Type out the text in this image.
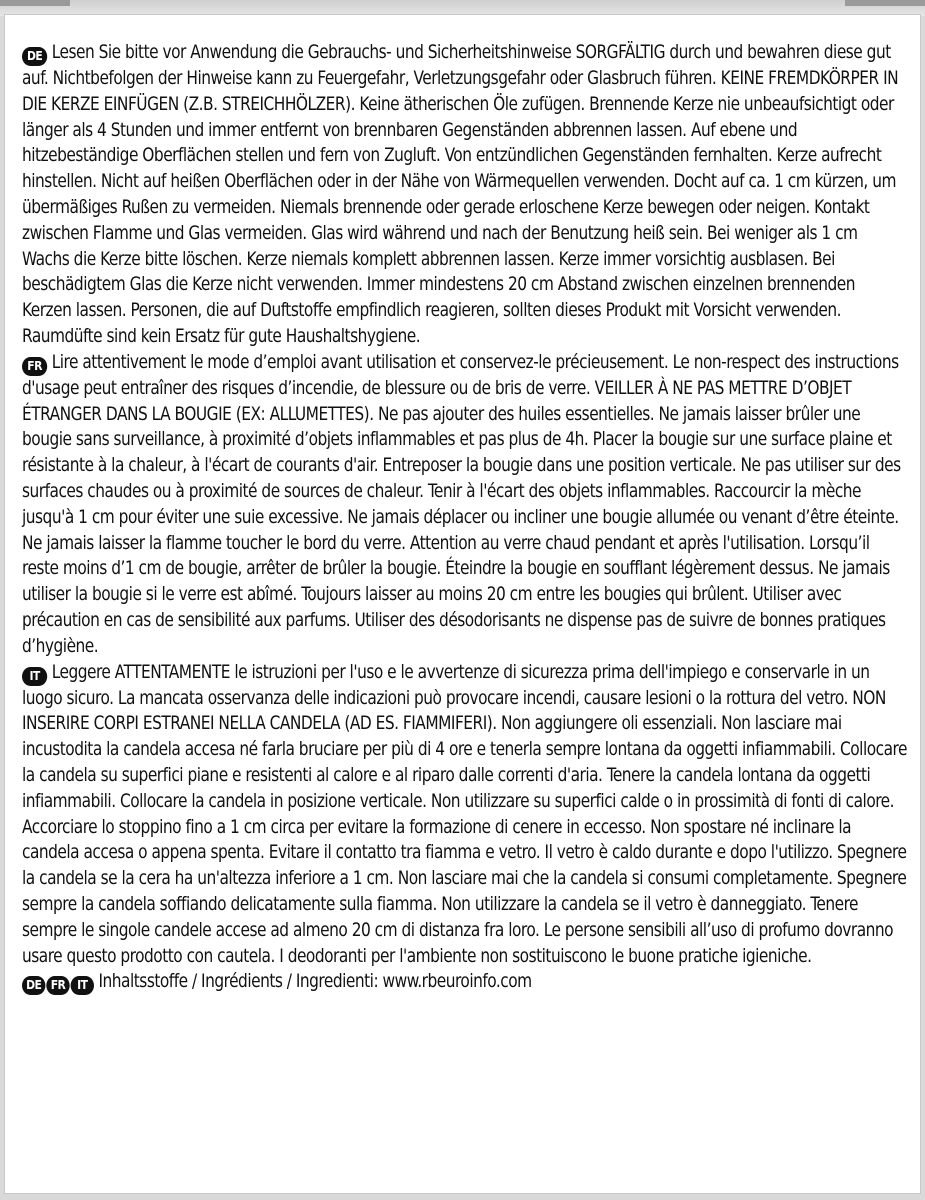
DE Lesen Sie bitte vor Anwendung die Gebrauchs- und Sicherheitshinweise SORGFÄLTIG durch und bewahren diese gut auf. Nichtbefolgen der Hinweise kann zu Feuergefahr, Verletzungsgefahr oder Glasbruch führen. KEINE FREMDKÖRPER IN DIE KERZE EINFÜGEN (Z.B. STREICHHÖLZER). Keine ätherischen Öle zufügen. Brennende Kerze nie unbeaufsichtigt oder länger als 4 Stunden und immer entfernt von brennbaren Gegenständen abbrennen lassen. Auf ebene und hitzebeständige Oberflächen stellen und fern von Zugluft. Von entzündlichen Gegenständen fernhalten. Kerze aufrecht hinstellen. Nicht auf heißen Oberflächen oder in der Nähe von Wärmequellen verwenden. Docht auf ca. 1 cm kürzen, um übermäßiges Rußen zu vermeiden. Niemals brennende oder gerade erloschene Kerze bewegen oder neigen. Kontakt zwischen Flamme und Glas vermeiden. Glas wird während und nach der Benutzung heiß sein. Bei weniger als 1 cm Wachs die Kerze bitte löschen. Kerze niemals komplett abbrennen lassen. Kerze immer vorsichtig ausblasen. Bei beschädigtem Glas die Kerze nicht verwenden. Immer mindestens 20 cm Abstand zwischen einzelnen brennenden Kerzen lassen. Personen, die auf Duftstoffe empfindlich reagieren, sollten dieses Produkt mit Vorsicht verwenden. Raumdüfte sind kein Ersatz für gute Haushaltshygiene.

FR Lire attentivement le mode d’emploi avant utilisation et conservez-le précieusement. Le non-respect des instructions d'usage peut entraîner des risques d’incendie, de blessure ou de bris de verre. VEILLER À NE PAS METTRE D’OBJET ÉTRANGER DANS LA BOUGIE (EX: ALLUMETTES). Ne pas ajouter des huiles essentielles. Ne jamais laisser brûler une bougie sans surveillance, à proximité d’objets inflammables et pas plus de 4h. Placer la bougie sur une surface plaine et résistante à la chaleur, à l'écart de courants d'air. Entreposer la bougie dans une position verticale. Ne pas utiliser sur des surfaces chaudes ou à proximité de sources de chaleur. Tenir à l'écart des objets inflammables. Raccourcir la mèche jusqu'à 1 cm pour éviter une suie excessive. Ne jamais déplacer ou incliner une bougie allumée ou venant d’être éteinte. Ne jamais laisser la flamme toucher le bord du verre. Attention au verre chaud pendant et après l'utilisation. Lorsqu’il reste moins d’1 cm de bougie, arrêter de brûler la bougie. Éteindre la bougie en soufflant légèrement dessus. Ne jamais utiliser la bougie si le verre est abîmé. Toujours laisser au moins 20 cm entre les bougies qui brûlent. Utiliser avec précaution en cas de sensibilité aux parfums. Utiliser des désodorisants ne dispense pas de suivre de bonnes pratiques d’hygiène.

IT Leggere ATTENTAMENTE le istruzioni per l'uso e le avvertenze di sicurezza prima dell'impiego e conservarle in un luogo sicuro. La mancata osservanza delle indicazioni può provocare incendi, causare lesioni o la rottura del vetro. NON INSERIRE CORPI ESTRANEI NELLA CANDELA (AD ES. FIAMMIFERI). Non aggiungere oli essenziali. Non lasciare mai incustodita la candela accesa né farla bruciare per più di 4 ore e tenerla sempre lontana da oggetti infiammabili. Collocare la candela su superfici piane e resistenti al calore e al riparo dalle correnti d'aria. Tenere la candela lontana da oggetti infiammabili. Collocare la candela in posizione verticale. Non utilizzare su superfici calde o in prossimità di fonti di calore. Accorciare lo stoppino fino a 1 cm circa per evitare la formazione di cenere in eccesso. Non spostare né inclinare la candela accesa o appena spenta. Evitare il contatto tra fiamma e vetro. Il vetro è caldo durante e dopo l'utilizzo. Spegnere la candela se la cera ha un'altezza inferiore a 1 cm. Non lasciare mai che la candela si consumi completamente. Spegnere sempre la candela soffiando delicatamente sulla fiamma. Non utilizzare la candela se il vetro è danneggiato. Tenere sempre le singole candele accese ad almeno 20 cm di distanza fra loro. Le persone sensibili all’uso di profumo dovranno usare questo prodotto con cautela. I deodoranti per l'ambiente non sostituiscono le buone pratiche igieniche.

DE FR IT Inhaltsstoffe / Ingrédients / Ingredienti: www.rbeuroinfo.com
